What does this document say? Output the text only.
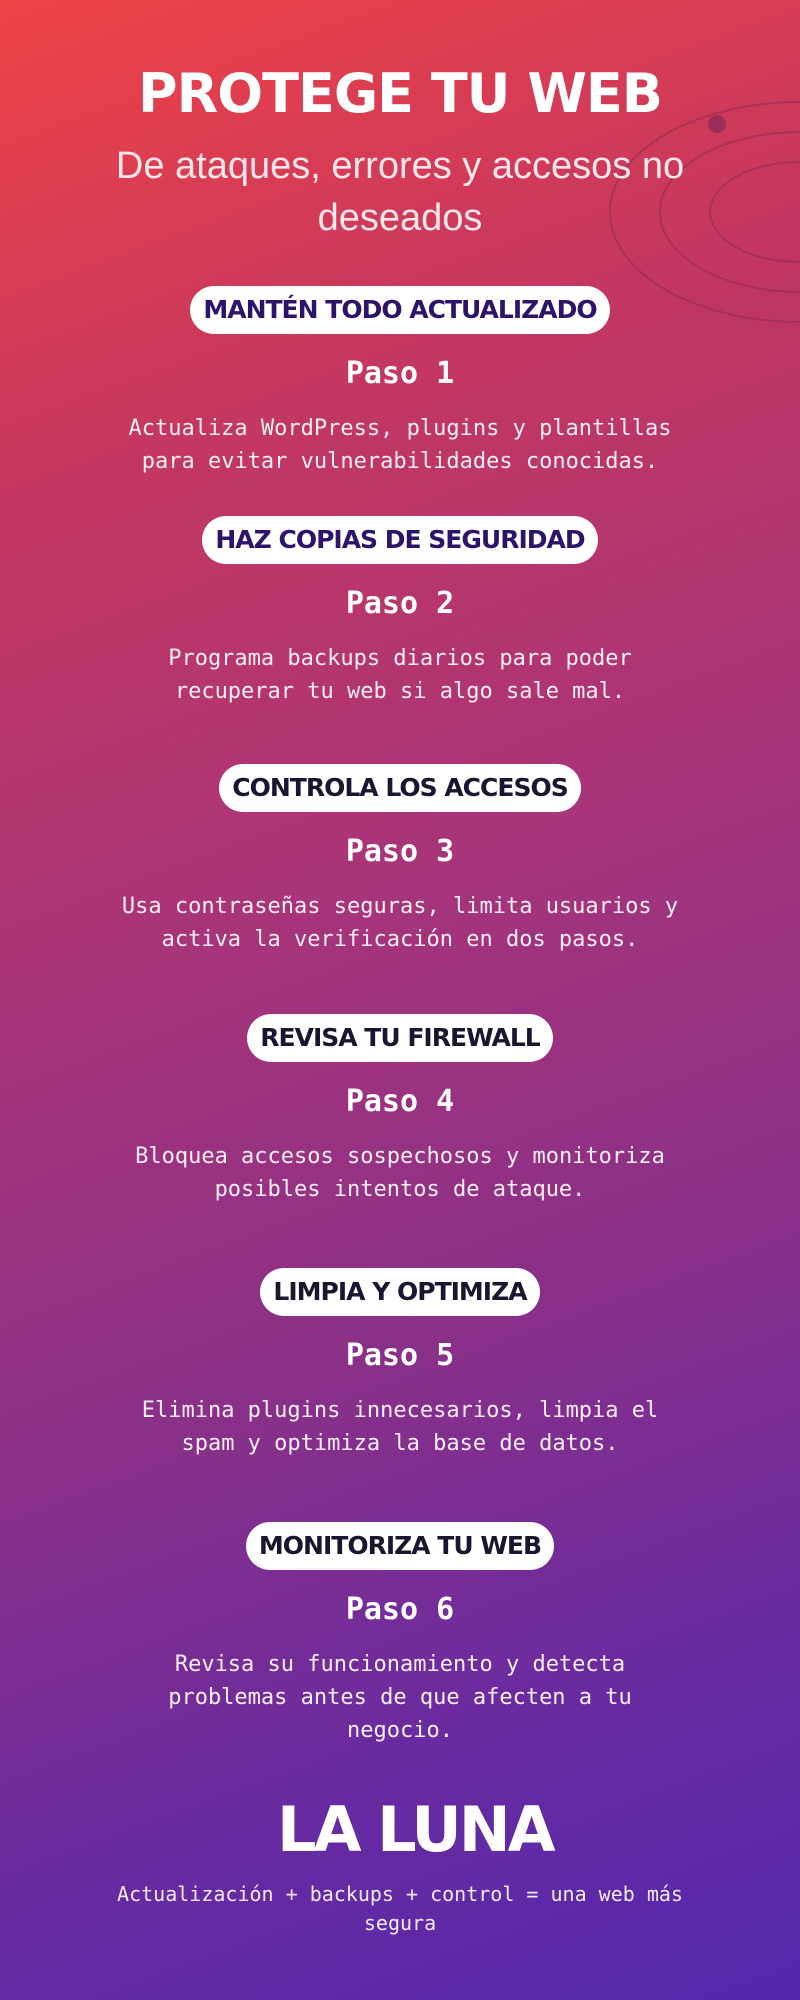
PROTEGE TU WEB

De ataques, errores y accesos no deseados

MANTÉN TODO ACTUALIZADO
Paso 1
Actualiza WordPress, plugins y plantillas
para evitar vulnerabilidades conocidas.
HAZ COPIAS DE SEGURIDAD
Paso 2
Programa backups diarios para poder
recuperar tu web si algo sale mal.
CONTROLA LOS ACCESOS
Paso 3
Usa contraseñas seguras, limita usuarios y
activa la verificación en dos pasos.
REVISA TU FIREWALL
Paso 4
Bloquea accesos sospechosos y monitoriza
posibles intentos de ataque.
LIMPIA Y OPTIMIZA
Paso 5
Elimina plugins innecesarios, limpia el
spam y optimiza la base de datos.
MONITORIZA TU WEB
Paso 6
Revisa su funcionamiento y detecta
problemas antes de que afecten a tu
negocio.
LA LUNA

Actualización + backups + control = una web más segura
